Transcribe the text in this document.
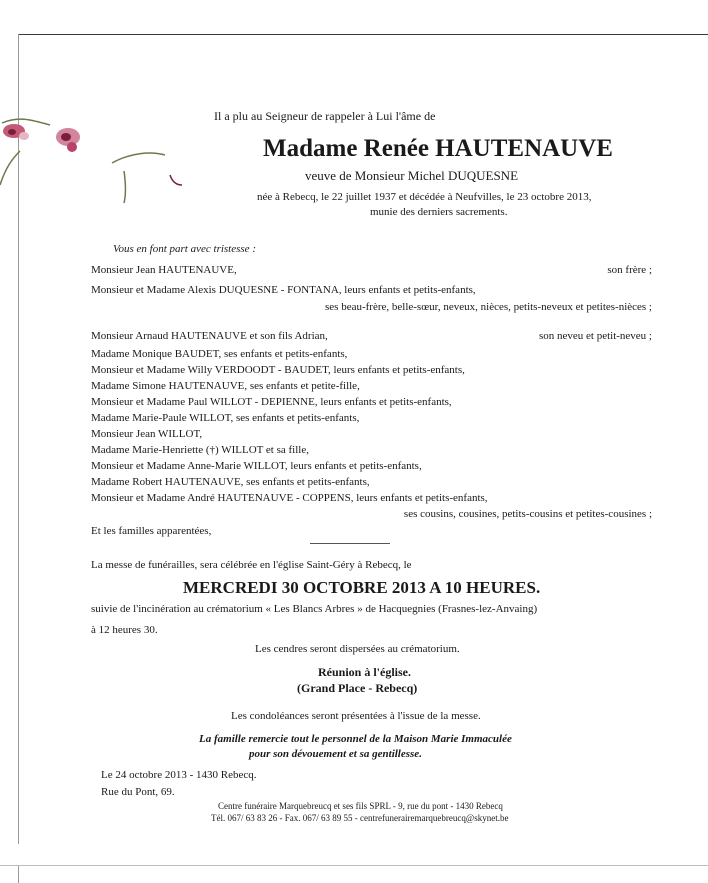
Il a plu au Seigneur de rappeler à Lui l'âme de
Madame Renée HAUTENAUVE
veuve de Monsieur Michel DUQUESNE
née à Rebecq, le 22 juillet 1937 et décédée à Neufvilles, le 23 octobre 2013,
munie des derniers sacrements.
Vous en font part avec tristesse :
Monsieur Jean HAUTENAUVE,	son frère ;
Monsieur et Madame Alexis DUQUESNE - FONTANA, leurs enfants et petits-enfants,
ses beau-frère, belle-sœur, neveux, nièces, petits-neveux et petites-nièces ;
Monsieur Arnaud HAUTENAUVE et son fils Adrian,	son neveu et petit-neveu ;
Madame Monique BAUDET, ses enfants et petits-enfants,
Monsieur et Madame Willy VERDOODT - BAUDET, leurs enfants et petits-enfants,
Madame Simone HAUTENAUVE, ses enfants et petite-fille,
Monsieur et Madame Paul WILLOT - DEPIENNE, leurs enfants et petits-enfants,
Madame Marie-Paule WILLOT, ses enfants et petits-enfants,
Monsieur Jean WILLOT,
Madame Marie-Henriette (†) WILLOT et sa fille,
Monsieur et Madame Anne-Marie WILLOT, leurs enfants et petits-enfants,
Madame Robert HAUTENAUVE, ses enfants et petits-enfants,
Monsieur et Madame André HAUTENAUVE - COPPENS, leurs enfants et petits-enfants,
ses cousins, cousines, petits-cousins et petites-cousines ;
Et les familles apparentées,
La messe de funérailles, sera célébrée en l'église Saint-Géry à Rebecq, le
MERCREDI 30 OCTOBRE 2013 A 10 HEURES.
suivie de l'incinération au crématorium « Les Blancs Arbres » de Hacquegnies (Frasnes-lez-Anvaing)
à 12 heures 30.
Les cendres seront dispersées au crématorium.
Réunion à l'église.
(Grand Place - Rebecq)
Les condoléances seront présentées à l'issue de la messe.
La famille remercie tout le personnel de la Maison Marie Immaculée
pour son dévouement et sa gentillesse.
Le 24 octobre 2013 - 1430 Rebecq.
Rue du Pont, 69.
Centre funéraire Marquebreucq et ses fils SPRL - 9, rue du pont - 1430 Rebecq
Tél. 067/ 63 83 26 - Fax. 067/ 63 89 55 - centrefunerairemarquebreucq@skynet.be
